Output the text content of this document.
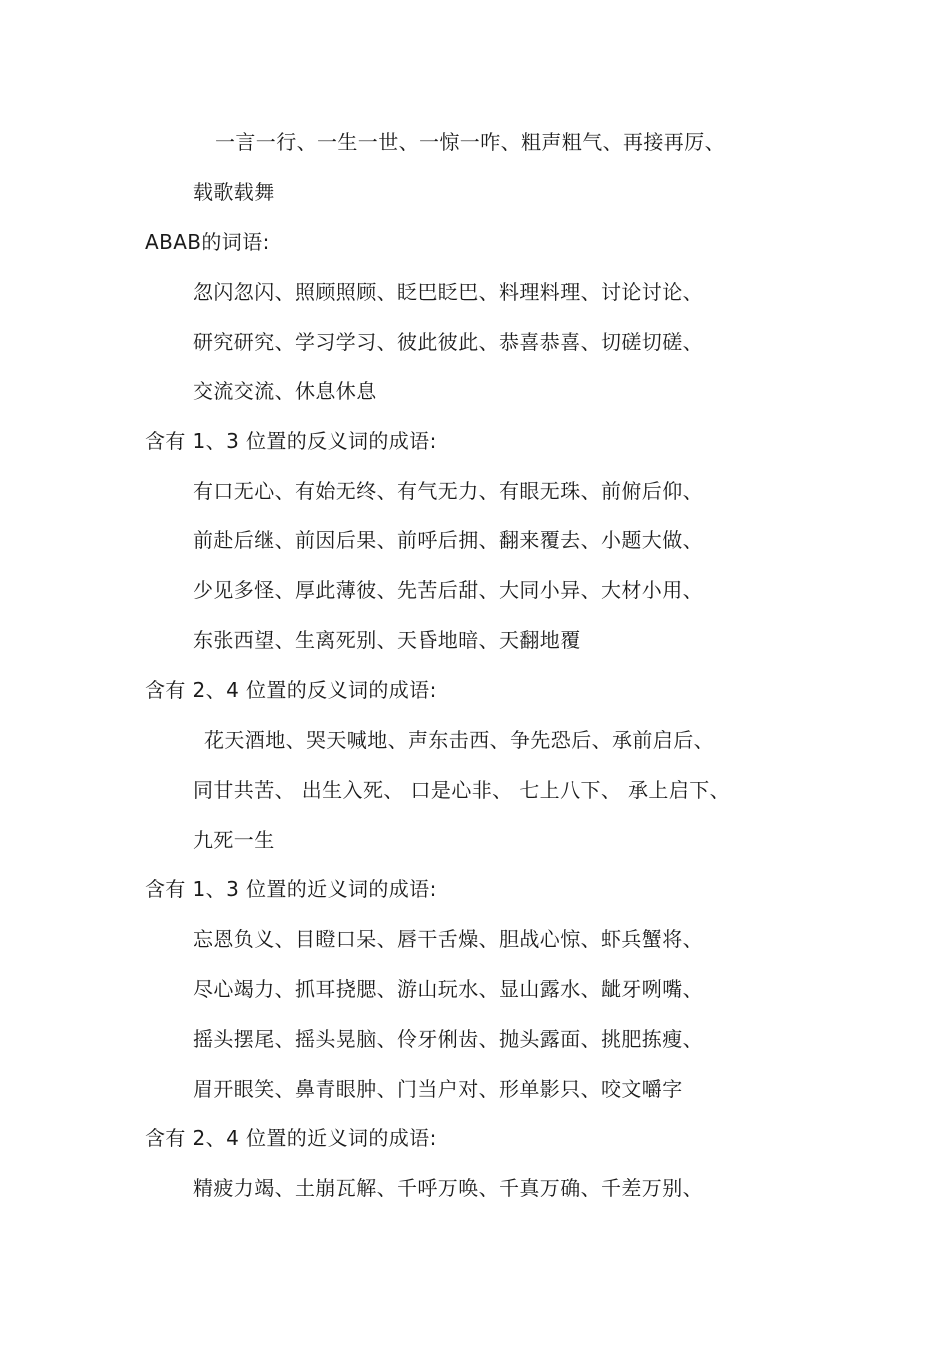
一言一行、一生一世、一惊一咋、粗声粗气、再接再厉、
载歌载舞
ABAB的词语:
忽闪忽闪、照顾照顾、眨巴眨巴、料理料理、讨论讨论、
研究研究、学习学习、彼此彼此、恭喜恭喜、切磋切磋、
交流交流、休息休息
含有 1、3 位置的反义词的成语:
有口无心、有始无终、有气无力、有眼无珠、前俯后仰、
前赴后继、前因后果、前呼后拥、翻来覆去、小题大做、
少见多怪、厚此薄彼、先苦后甜、大同小异、大材小用、
东张西望、生离死别、天昏地暗、天翻地覆
含有 2、4 位置的反义词的成语:
花天酒地、哭天喊地、声东击西、争先恐后、承前启后、
同甘共苦、 出生入死、 口是心非、 七上八下、 承上启下、
九死一生
含有 1、3 位置的近义词的成语:
忘恩负义、目瞪口呆、唇干舌燥、胆战心惊、虾兵蟹将、
尽心竭力、抓耳挠腮、游山玩水、显山露水、龇牙咧嘴、
摇头摆尾、摇头晃脑、伶牙俐齿、抛头露面、挑肥拣瘦、
眉开眼笑、鼻青眼肿、门当户对、形单影只、咬文嚼字
含有 2、4 位置的近义词的成语:
精疲力竭、土崩瓦解、千呼万唤、千真万确、千差万别、
